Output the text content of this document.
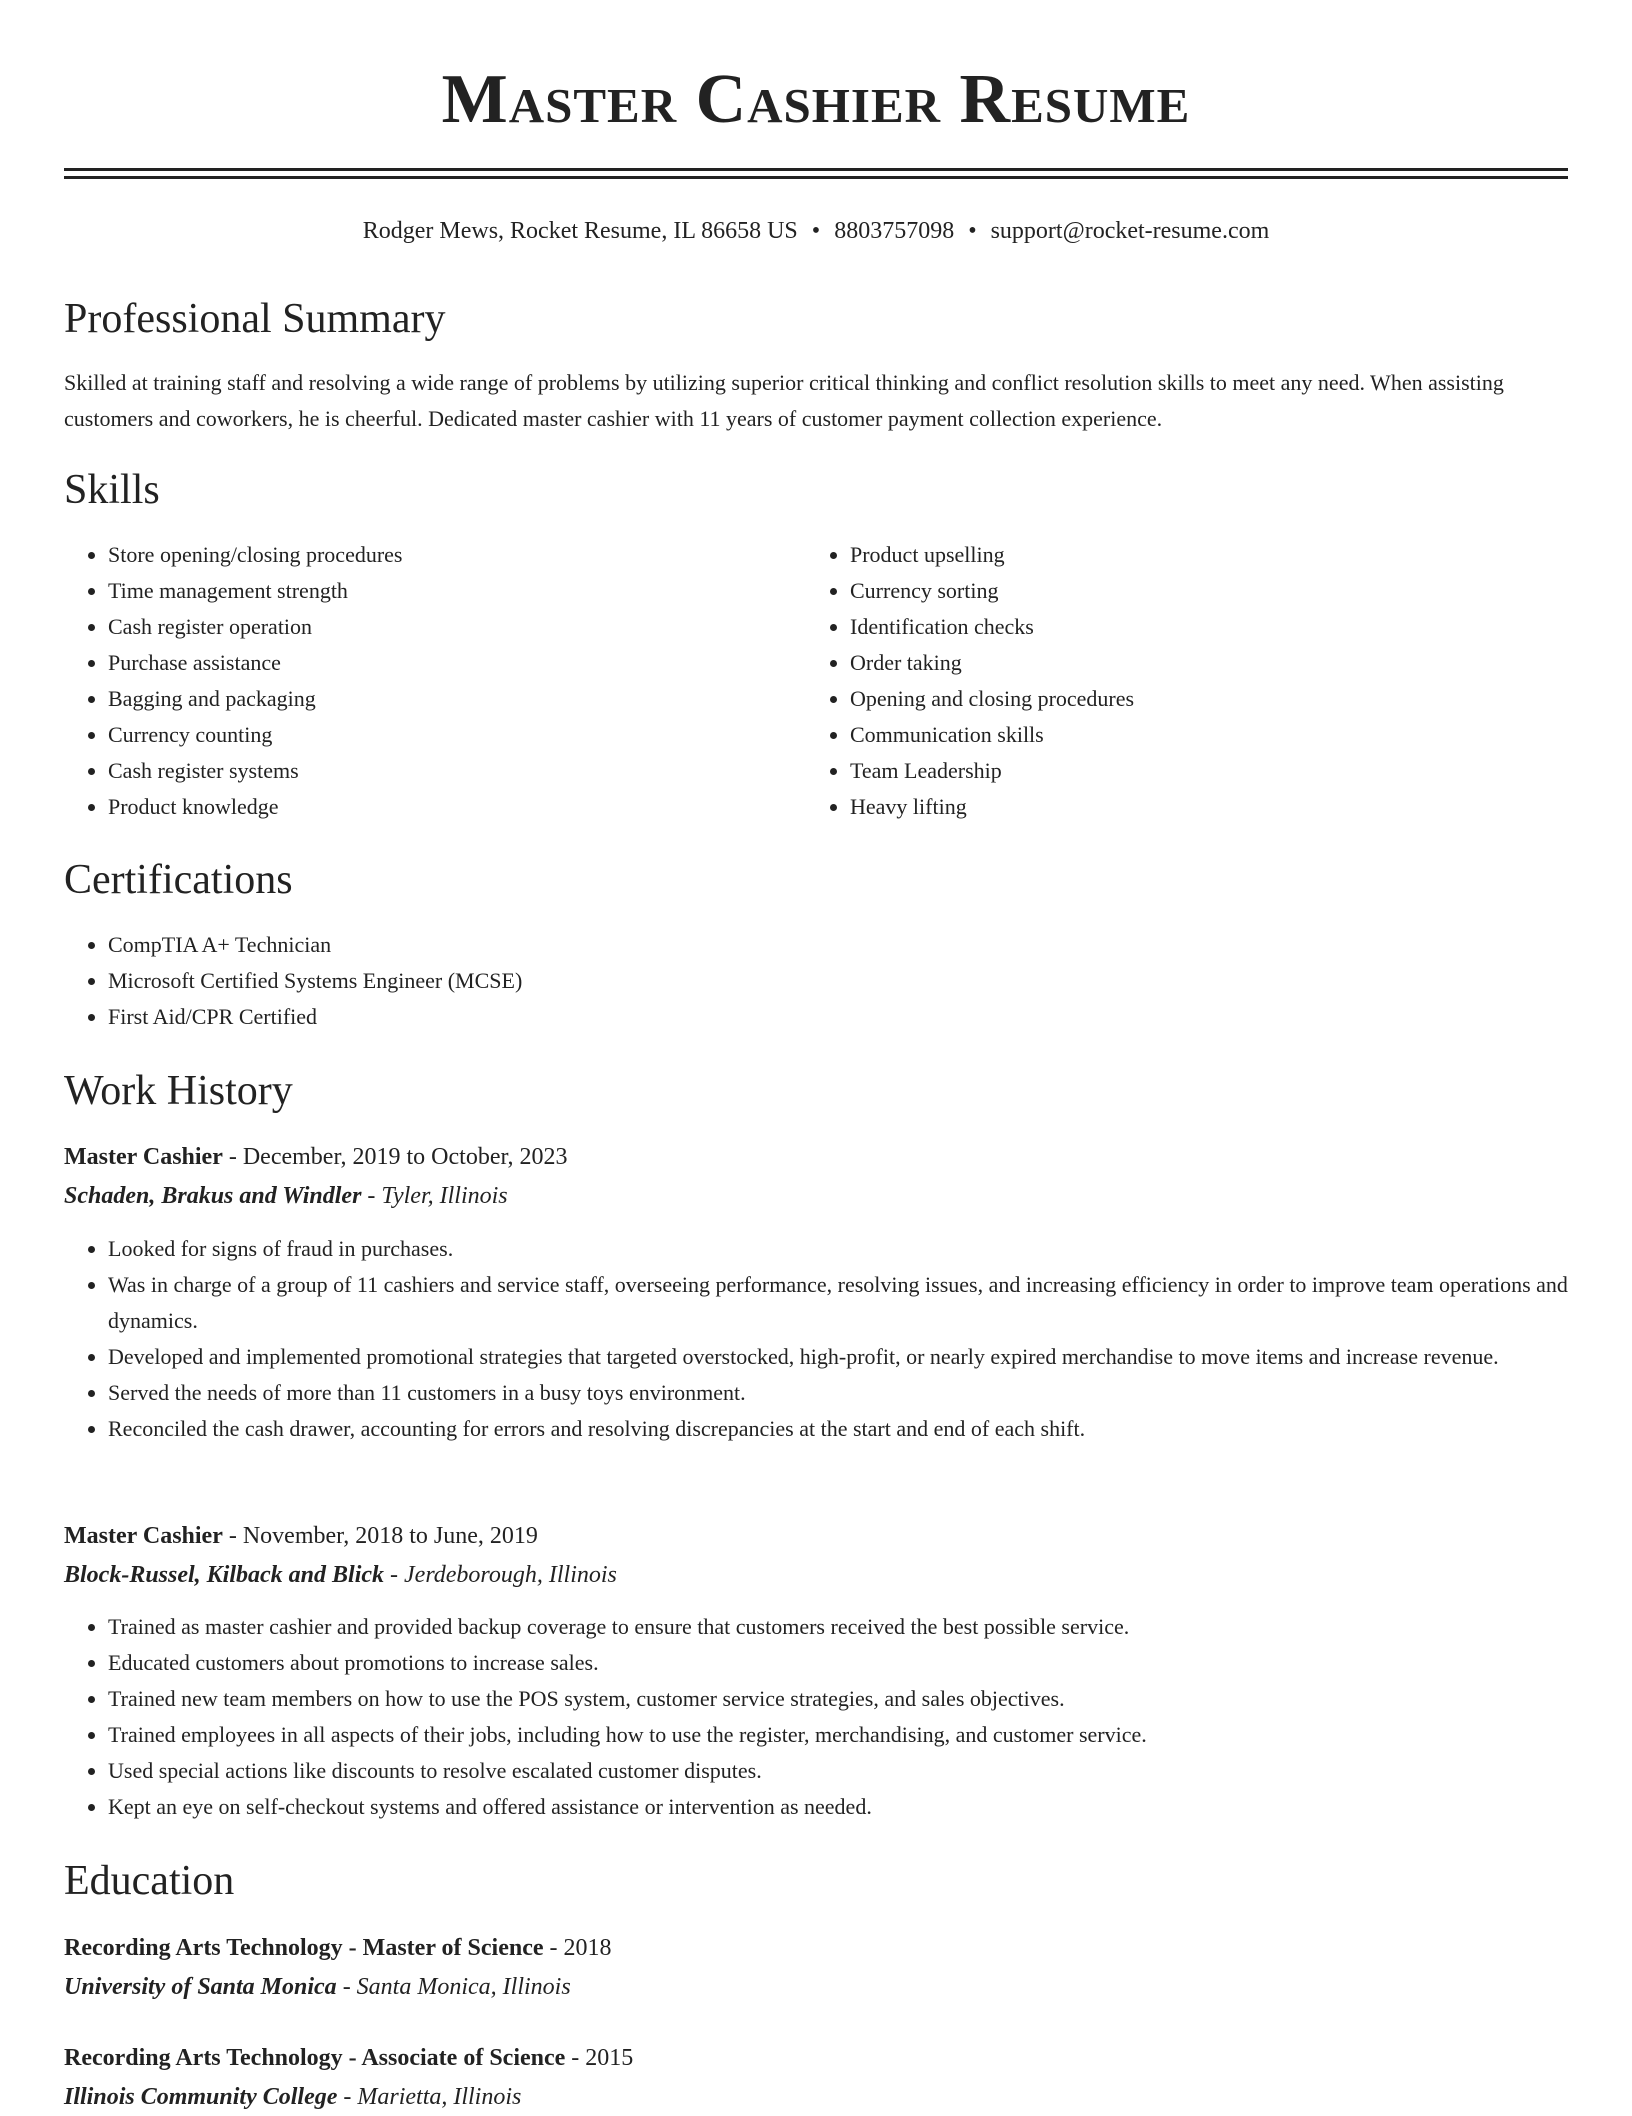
Master Cashier Resume
Rodger Mews, Rocket Resume, IL 86658 US • 8803757098 • support@rocket-resume.com
Professional Summary

Skilled at training staff and resolving a wide range of problems by utilizing superior critical thinking and conflict resolution skills to meet any need. When assisting customers and coworkers, he is cheerful. Dedicated master cashier with 11 years of customer payment collection experience.

Skills
• Store opening/closing procedures
• Time management strength
• Cash register operation
• Purchase assistance
• Bagging and packaging
• Currency counting
• Cash register systems
• Product knowledge
• Product upselling
• Currency sorting
• Identification checks
• Order taking
• Opening and closing procedures
• Communication skills
• Team Leadership
• Heavy lifting
Certifications
• CompTIA A+ Technician
• Microsoft Certified Systems Engineer (MCSE)
• First Aid/CPR Certified
Work History
Master Cashier - December, 2019 to October, 2023
Schaden, Brakus and Windler - Tyler, Illinois
• Looked for signs of fraud in purchases.
• Was in charge of a group of 11 cashiers and service staff, overseeing performance, resolving issues, and increasing efficiency in order to improve team operations and dynamics.
• Developed and implemented promotional strategies that targeted overstocked, high-profit, or nearly expired merchandise to move items and increase revenue.
• Served the needs of more than 11 customers in a busy toys environment.
• Reconciled the cash drawer, accounting for errors and resolving discrepancies at the start and end of each shift.
Master Cashier - November, 2018 to June, 2019
Block-Russel, Kilback and Blick - Jerdeborough, Illinois
• Trained as master cashier and provided backup coverage to ensure that customers received the best possible service.
• Educated customers about promotions to increase sales.
• Trained new team members on how to use the POS system, customer service strategies, and sales objectives.
• Trained employees in all aspects of their jobs, including how to use the register, merchandising, and customer service.
• Used special actions like discounts to resolve escalated customer disputes.
• Kept an eye on self-checkout systems and offered assistance or intervention as needed.
Education
Recording Arts Technology - Master of Science - 2018
University of Santa Monica - Santa Monica, Illinois
Recording Arts Technology - Associate of Science - 2015
Illinois Community College - Marietta, Illinois
